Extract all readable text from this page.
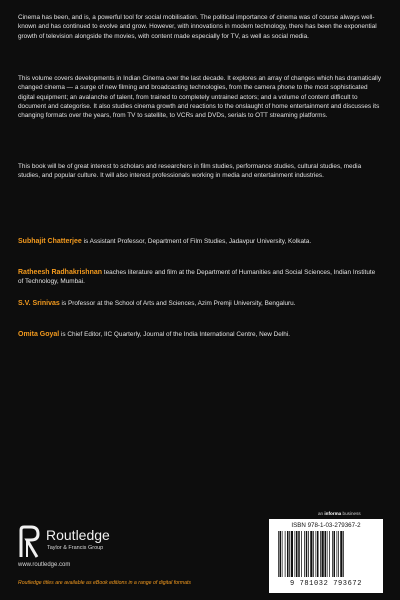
Cinema has been, and is, a powerful tool for social mobilisation. The political importance of cinema was of course always well-known and has continued to evolve and grow. However, with innovations in modern technology, there has been the exponential growth of television alongside the movies, with content made especially for TV, as well as social media.

This volume covers developments in Indian Cinema over the last decade. It explores an array of changes which has dramatically changed cinema — a surge of new filming and broadcasting technologies, from the camera phone to the most sophisticated digital equipment; an avalanche of talent, from trained to completely untrained actors; and a volume of content difficult to document and categorise. It also studies cinema growth and reactions to the onslaught of home entertainment and discusses its changing formats over the years, from TV to satellite, to VCRs and DVDs, serials to OTT streaming platforms.

This book will be of great interest to scholars and researchers in film studies, performance studies, cultural studies, media studies, and popular culture. It will also interest professionals working in media and entertainment industries.

Subhajit Chatterjee is Assistant Professor, Department of Film Studies, Jadavpur University, Kolkata.

Ratheesh Radhakrishnan teaches literature and film at the Department of Humanities and Social Sciences, Indian Institute of Technology, Mumbai.

S.V. Srinivas is Professor at the School of Arts and Sciences, Azim Premji University, Bengaluru.

Omita Goyal is Chief Editor, IIC Quarterly, Journal of the India International Centre, New Delhi.

Routledge
Taylor & Francis Group
www.routledge.com
Routledge titles are available as eBook editions in a range of digital formats
an informa business
ISBN 978-1-03-279367-2
9 781032 793672
